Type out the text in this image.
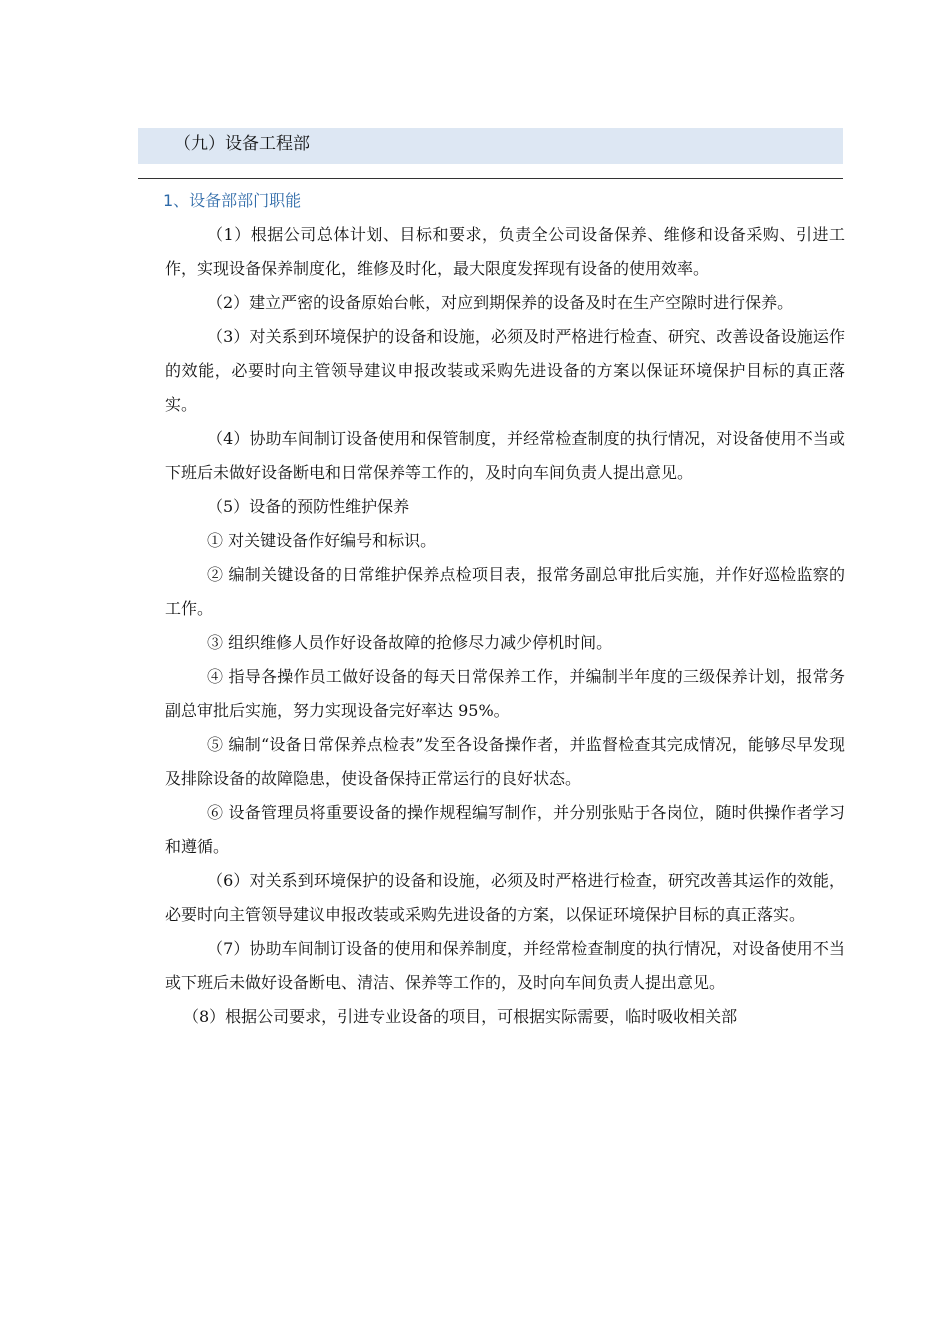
（九）设备工程部
1、设备部部门职能

（1）根据公司总体计划、目标和要求，负责全公司设备保养、维修和设备采购、引进工作，实现设备保养制度化，维修及时化，最大限度发挥现有设备的使用效率。

（2）建立严密的设备原始台帐，对应到期保养的设备及时在生产空隙时进行保养。

（3）对关系到环境保护的设备和设施，必须及时严格进行检查、研究、改善设备设施运作的效能，必要时向主管领导建议申报改装或采购先进设备的方案以保证环境保护目标的真正落实。

（4）协助车间制订设备使用和保管制度，并经常检查制度的执行情况，对设备使用不当或下班后未做好设备断电和日常保养等工作的，及时向车间负责人提出意见。

（5）设备的预防性维护保养

① 对关键设备作好编号和标识。

② 编制关键设备的日常维护保养点检项目表，报常务副总审批后实施，并作好巡检监察的工作。

③ 组织维修人员作好设备故障的抢修尽力减少停机时间。

④ 指导各操作员工做好设备的每天日常保养工作，并编制半年度的三级保养计划，报常务副总审批后实施，努力实现设备完好率达 95%。

⑤ 编制“设备日常保养点检表”发至各设备操作者，并监督检查其完成情况，能够尽早发现及排除设备的故障隐患，使设备保持正常运行的良好状态。

⑥ 设备管理员将重要设备的操作规程编写制作，并分别张贴于各岗位，随时供操作者学习和遵循。

（6）对关系到环境保护的设备和设施，必须及时严格进行检查，研究改善其运作的效能，必要时向主管领导建议申报改装或采购先进设备的方案，以保证环境保护目标的真正落实。

（7）协助车间制订设备的使用和保养制度，并经常检查制度的执行情况，对设备使用不当或下班后未做好设备断电、清洁、保养等工作的，及时向车间负责人提出意见。

（8）根据公司要求，引进专业设备的项目，可根据实际需要，临时吸收相关部
